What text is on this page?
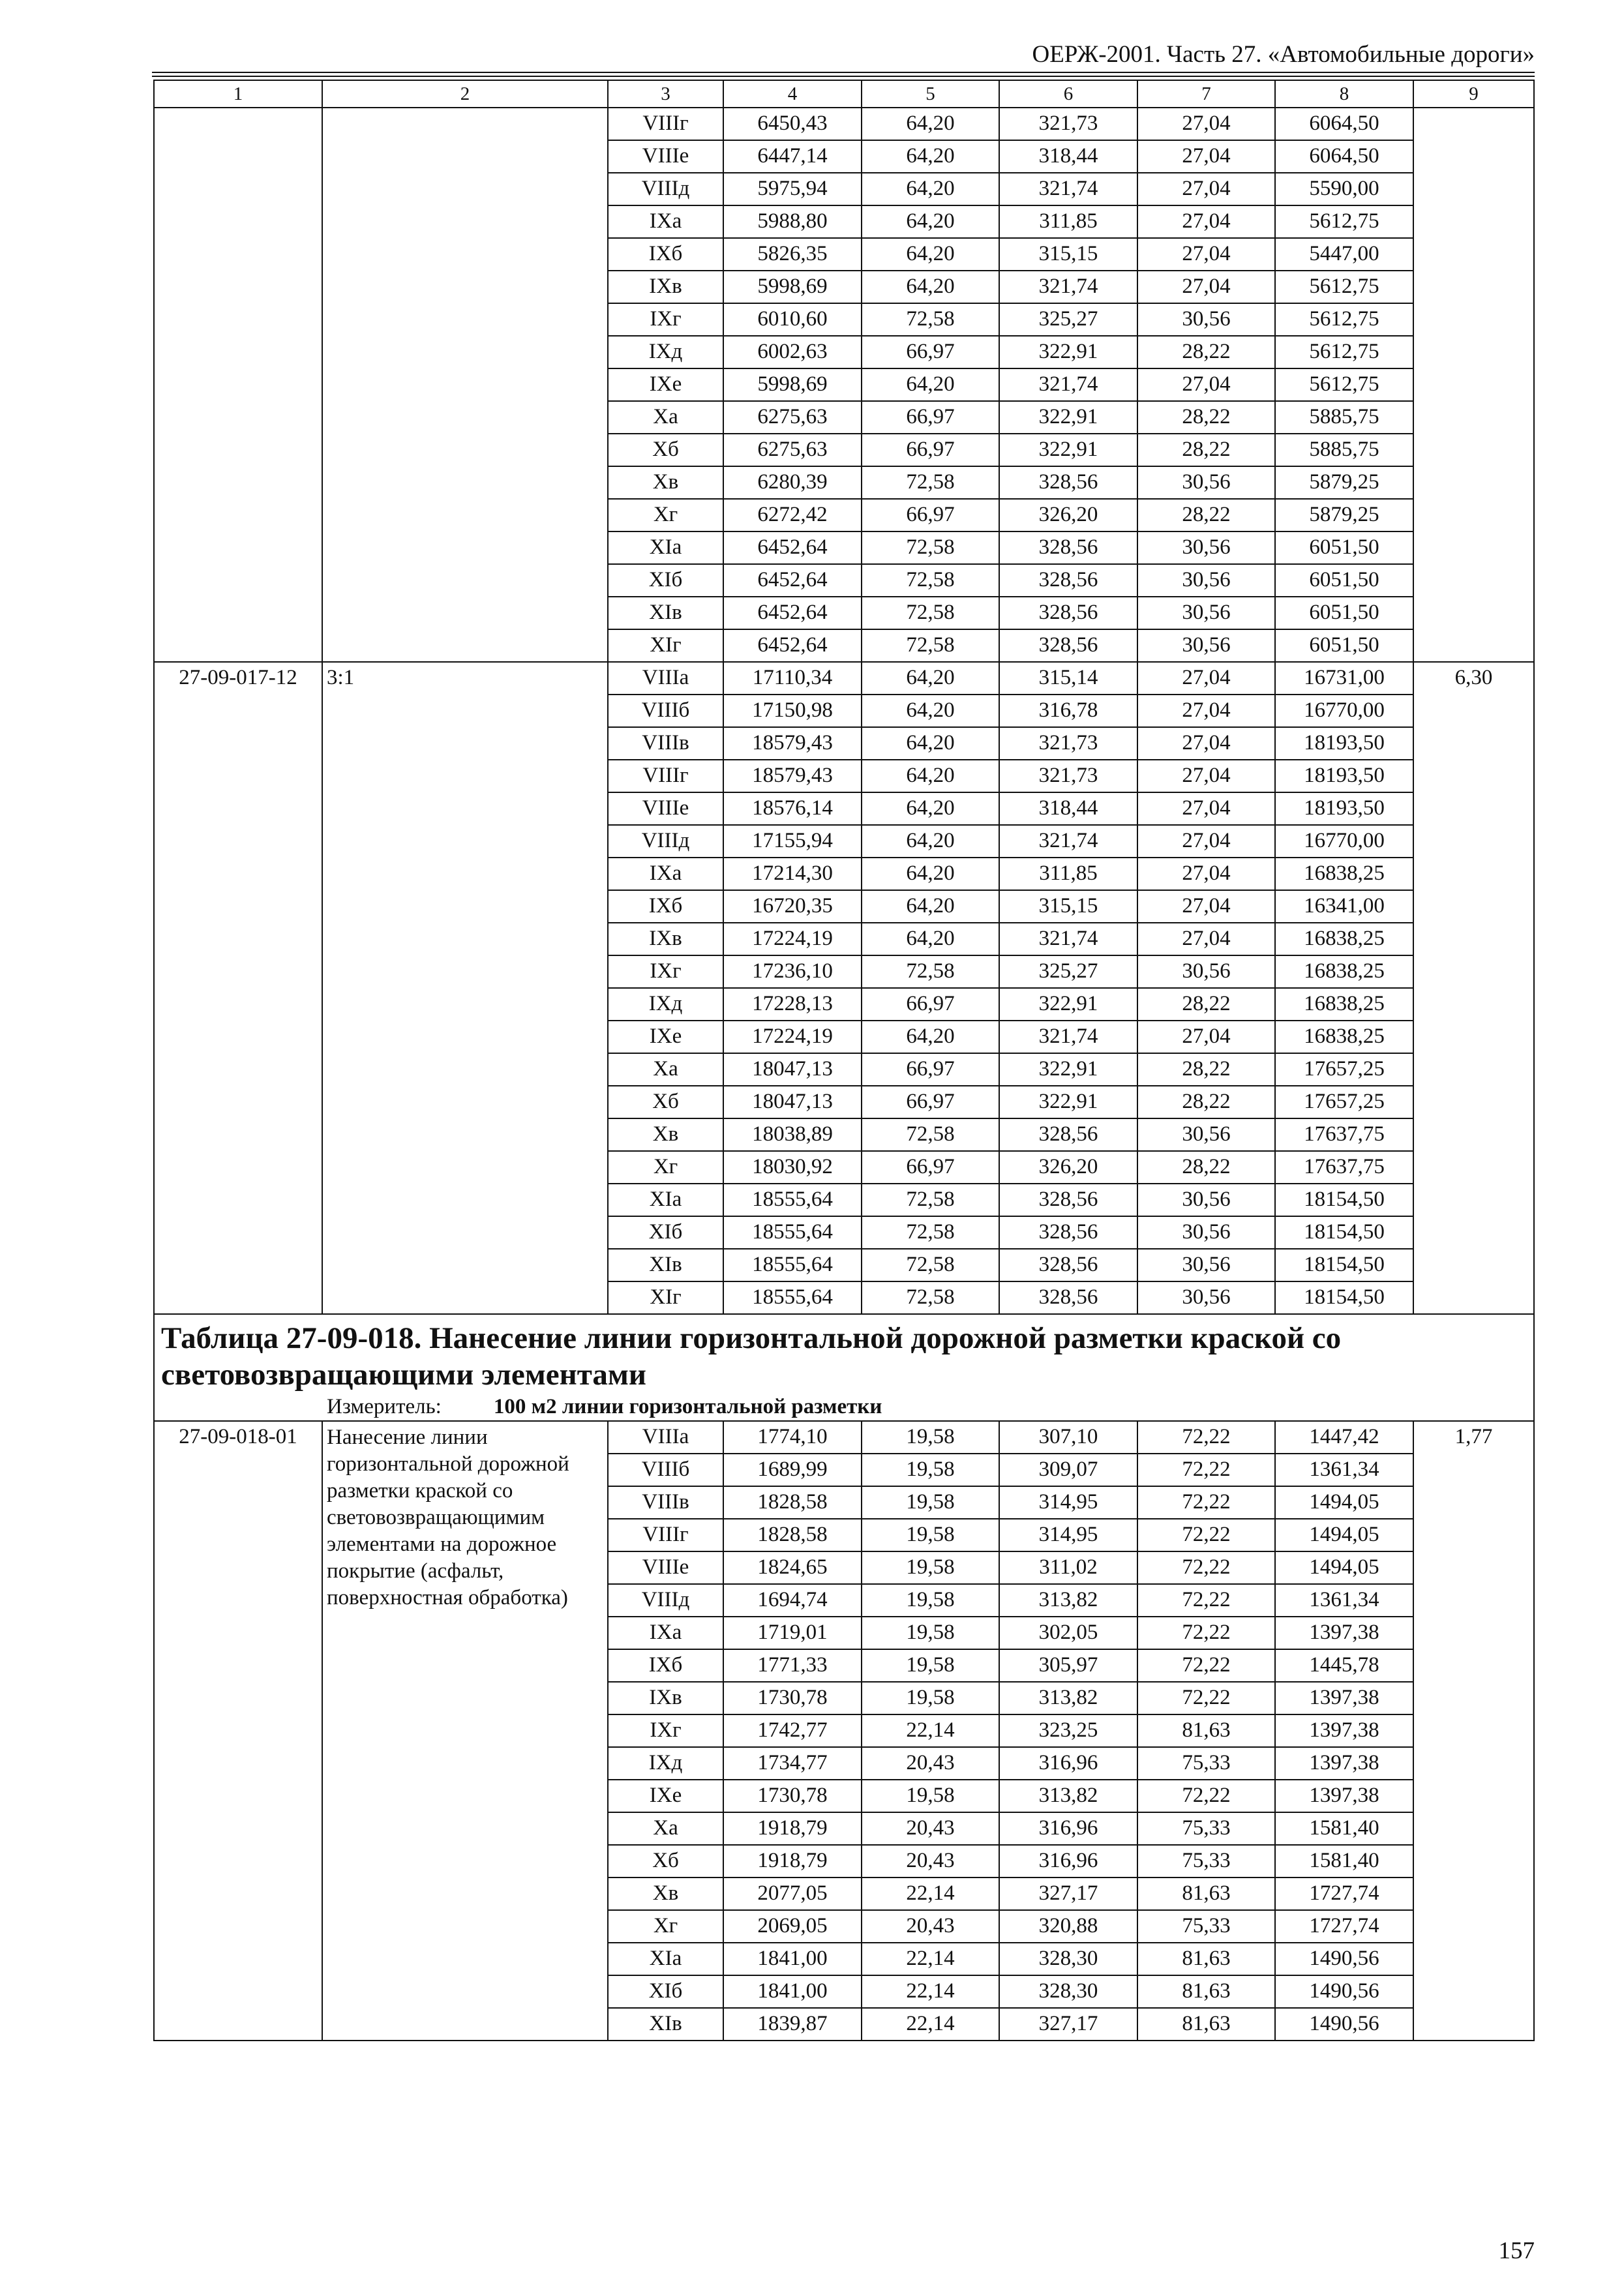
ОЕРЖ-2001. Часть 27. «Автомобильные дороги»
1	2	3	4	5	6	7	8	9
		VIIIг	6450,43	64,20	321,73	27,04	6064,50	
		VIIIе	6447,14	64,20	318,44	27,04	6064,50	
		VIIIд	5975,94	64,20	321,74	27,04	5590,00	
		IXа	5988,80	64,20	311,85	27,04	5612,75	
		IXб	5826,35	64,20	315,15	27,04	5447,00	
		IXв	5998,69	64,20	321,74	27,04	5612,75	
		IXг	6010,60	72,58	325,27	30,56	5612,75	
		IXд	6002,63	66,97	322,91	28,22	5612,75	
		IXе	5998,69	64,20	321,74	27,04	5612,75	
		Xа	6275,63	66,97	322,91	28,22	5885,75	
		Xб	6275,63	66,97	322,91	28,22	5885,75	
		Xв	6280,39	72,58	328,56	30,56	5879,25	
		Xг	6272,42	66,97	326,20	28,22	5879,25	
		XIа	6452,64	72,58	328,56	30,56	6051,50	
		XIб	6452,64	72,58	328,56	30,56	6051,50	
		XIв	6452,64	72,58	328,56	30,56	6051,50	
		XIг	6452,64	72,58	328,56	30,56	6051,50	
27-09-017-12	3:1	VIIIа	17110,34	64,20	315,14	27,04	16731,00	6,30
		VIIIб	17150,98	64,20	316,78	27,04	16770,00	
		VIIIв	18579,43	64,20	321,73	27,04	18193,50	
		VIIIг	18579,43	64,20	321,73	27,04	18193,50	
		VIIIе	18576,14	64,20	318,44	27,04	18193,50	
		VIIIд	17155,94	64,20	321,74	27,04	16770,00	
		IXа	17214,30	64,20	311,85	27,04	16838,25	
		IXб	16720,35	64,20	315,15	27,04	16341,00	
		IXв	17224,19	64,20	321,74	27,04	16838,25	
		IXг	17236,10	72,58	325,27	30,56	16838,25	
		IXд	17228,13	66,97	322,91	28,22	16838,25	
		IXе	17224,19	64,20	321,74	27,04	16838,25	
		Xа	18047,13	66,97	322,91	28,22	17657,25	
		Xб	18047,13	66,97	322,91	28,22	17657,25	
		Xв	18038,89	72,58	328,56	30,56	17637,75	
		Xг	18030,92	66,97	326,20	28,22	17637,75	
		XIа	18555,64	72,58	328,56	30,56	18154,50	
		XIб	18555,64	72,58	328,56	30,56	18154,50	
		XIв	18555,64	72,58	328,56	30,56	18154,50	
		XIг	18555,64	72,58	328,56	30,56	18154,50	

Таблица 27-09-018. Нанесение линии горизонтальной дорожной разметки краской со световозвращающими элементами
Измеритель: 100 м2 линии горизонтальной разметки								

27-09-018-01	Нанесение линии горизонтальной дорожной разметки краской со световозвращающимим элементами на дорожное покрытие (асфальт, поверхностная обработка)	VIIIа	1774,10	19,58	307,10	72,22	1447,42	1,77
		VIIIб	1689,99	19,58	309,07	72,22	1361,34	
		VIIIв	1828,58	19,58	314,95	72,22	1494,05	
		VIIIг	1828,58	19,58	314,95	72,22	1494,05	
		VIIIе	1824,65	19,58	311,02	72,22	1494,05	
		VIIIд	1694,74	19,58	313,82	72,22	1361,34	
		IXа	1719,01	19,58	302,05	72,22	1397,38	
		IXб	1771,33	19,58	305,97	72,22	1445,78	
		IXв	1730,78	19,58	313,82	72,22	1397,38	
		IXг	1742,77	22,14	323,25	81,63	1397,38	
		IXд	1734,77	20,43	316,96	75,33	1397,38	
		IXе	1730,78	19,58	313,82	72,22	1397,38	
		Xа	1918,79	20,43	316,96	75,33	1581,40	
		Xб	1918,79	20,43	316,96	75,33	1581,40	
		Xв	2077,05	22,14	327,17	81,63	1727,74	
		Xг	2069,05	20,43	320,88	75,33	1727,74	
		XIа	1841,00	22,14	328,30	81,63	1490,56	
		XIб	1841,00	22,14	328,30	81,63	1490,56	
		XIв	1839,87	22,14	327,17	81,63	1490,56	
157
